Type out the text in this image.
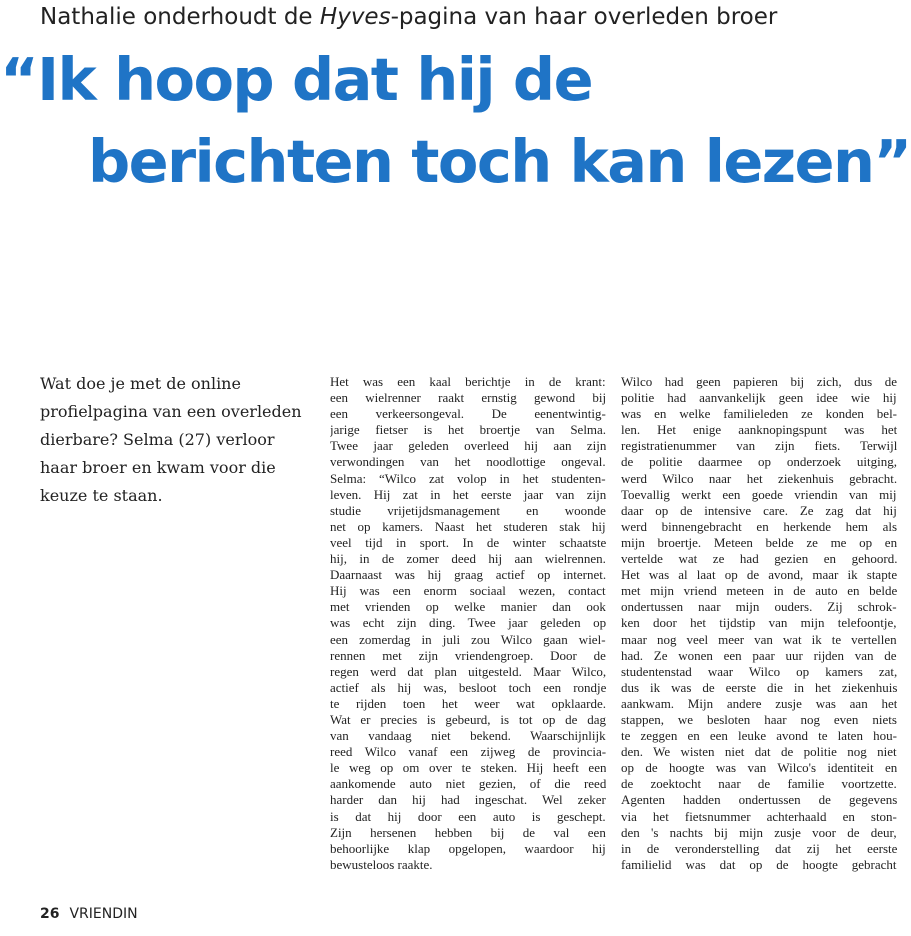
Nathalie onderhoudt de Hyves-pagina van haar overleden broer
“Ik hoop dat hij de
berichten toch kan lezen”

Wat doe je met de online profielpagina van een overleden dierbare? Selma (27) verloor haar broer en kwam voor die keuze te staan.

Het was een kaal berichtje in de krant:
een wielrenner raakt ernstig gewond bij
een verkeersongeval. De eenentwintig-
jarige fietser is het broertje van Selma.
Twee jaar geleden overleed hij aan zijn
verwondingen van het noodlottige ongeval.
Selma: “Wilco zat volop in het studenten-
leven. Hij zat in het eerste jaar van zijn
studie vrijetijdsmanagement en woonde
net op kamers. Naast het studeren stak hij
veel tijd in sport. In de winter schaatste
hij, in de zomer deed hij aan wielrennen.
Daarnaast was hij graag actief op internet.
Hij was een enorm sociaal wezen, contact
met vrienden op welke manier dan ook
was echt zijn ding. Twee jaar geleden op
een zomerdag in juli zou Wilco gaan wiel-
rennen met zijn vriendengroep. Door de
regen werd dat plan uitgesteld. Maar Wilco,
actief als hij was, besloot toch een rondje
te rijden toen het weer wat opklaarde.
Wat er precies is gebeurd, is tot op de dag
van vandaag niet bekend. Waarschijnlijk
reed Wilco vanaf een zijweg de provincia-
le weg op om over te steken. Hij heeft een
aankomende auto niet gezien, of die reed
harder dan hij had ingeschat. Wel zeker
is dat hij door een auto is geschept.
Zijn hersenen hebben bij de val een
behoorlijke klap opgelopen, waardoor hij
bewusteloos raakte.
Wilco had geen papieren bij zich, dus de
politie had aanvankelijk geen idee wie hij
was en welke familieleden ze konden bel-
len. Het enige aanknopingspunt was het
registratienummer van zijn fiets. Terwijl
de politie daarmee op onderzoek uitging,
werd Wilco naar het ziekenhuis gebracht.
Toevallig werkt een goede vriendin van mij
daar op de intensive care. Ze zag dat hij
werd binnengebracht en herkende hem als
mijn broertje. Meteen belde ze me op en
vertelde wat ze had gezien en gehoord.
Het was al laat op de avond, maar ik stapte
met mijn vriend meteen in de auto en belde
ondertussen naar mijn ouders. Zij schrok-
ken door het tijdstip van mijn telefoontje,
maar nog veel meer van wat ik te vertellen
had. Ze wonen een paar uur rijden van de
studentenstad waar Wilco op kamers zat,
dus ik was de eerste die in het ziekenhuis
aankwam. Mijn andere zusje was aan het
stappen, we besloten haar nog even niets
te zeggen en een leuke avond te laten hou-
den. We wisten niet dat de politie nog niet
op de hoogte was van Wilco's identiteit en
de zoektocht naar de familie voortzette.
Agenten hadden ondertussen de gegevens
via het fietsnummer achterhaald en ston-
den 's nachts bij mijn zusje voor de deur,
in de veronderstelling dat zij het eerste
familielid was dat op de hoogte gebracht
26 VRIENDIN
